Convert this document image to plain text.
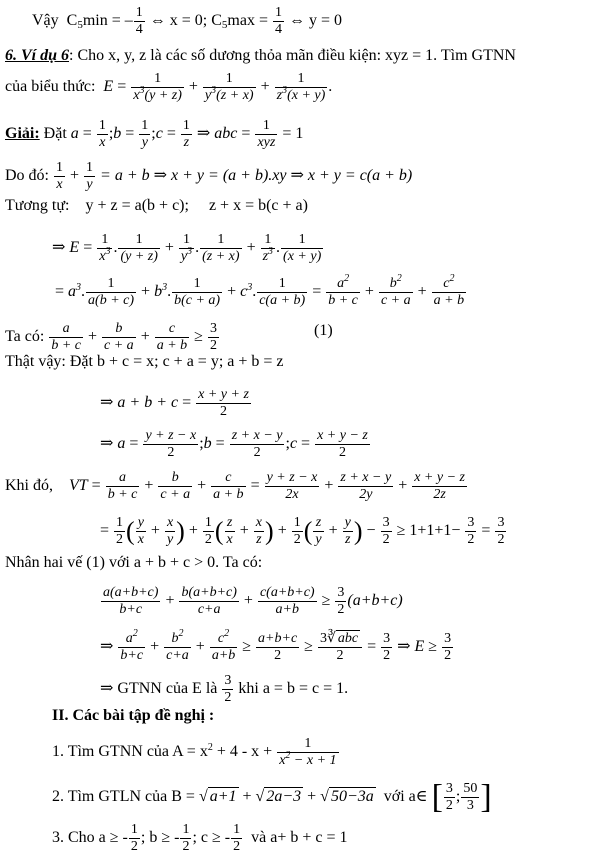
Vậy $C_5\min$ = – $\frac{1}{4}$ ⇔ x = 0; $C_5\max = \frac{1}{4}$ ⇔ y = 0
6. Ví dụ 6: Cho x, y, z là các số dương thỏa mãn điều kiện: xyz = 1. Tìm GTNN
của biểu thức:  $E = \frac{1}{x^3(y + z)} + \frac{1}{y^3(z + x)} + \frac{1}{z^3(x + y)}$ .
Giải: Đặt $a = \frac{1}{x}$ ;b = $\frac{1}{y}$ ;c = $\frac{1}{z}$ ⇒ abc = $\frac{1}{\text{xyz}} = 1$
Do đó: $\frac{1}{x} + \frac{1}{y} = a + b$ ⇒ x + y = (a + b).xy ⇒ x + y = c(a + b)
Tương tự: y + z = a(b + c); z + x = b(c + a)
⇒ $E = \frac{1}{x^3}$ . $\frac{1}{(y + z)} + \frac{1}{y^3}$ . $\frac{1}{(z + x)} + \frac{1}{z^3}$ . $\frac{1}{(x + y)}$
= $a^3$. $\frac{1}{a(b + c)} + b^3$. $\frac{1}{b(c + a)} + c^3$. $\frac{1}{c(a + b)} = \frac{a^2}{b + c} + \frac{b^2}{c + a} + \frac{c^2}{a + b}$
Ta có: $\frac{a}{b + c} + \frac{b}{c + a} + \frac{c}{a + b} \ge \frac{3}{2}$	(1)
Thật vậy: Đặt b + c = x; c + a = y; a + b = z
⇒ $a + b + c = \frac{x + y + z}{2}$
⇒ $a = \frac{y + z - x}{2}$ ;b = $\frac{z + x - y}{2}$ ;c = $\frac{x + y - z}{2}$
Khi đó, VT = $\frac{a}{b + c} + \frac{b}{c + a} + \frac{c}{a + b} = \frac{y + z - x}{2x} + \frac{z + x - y}{2y} + \frac{x + y - z}{2z}$
= $\frac{1}{2}$ ( $\frac{y}{x} + \frac{x}{y}$ ) + $\frac{1}{2}$ ( $\frac{z}{x} + \frac{x}{z}$ ) + $\frac{1}{2}$ ( $\frac{z}{y} + \frac{y}{z}$ ) − $\frac{3}{2} \ge 1+1+1- \frac{3}{2} = \frac{3}{2}$
Nhân hai vế (1) với a + b + c > 0. Ta có:
$\frac{a(a+b+c)}{b+c} + \frac{b(a+b+c)}{c+a} + \frac{c(a+b+c)}{a+b} \ge \frac{3}{2} (a+b+c)$
⇒ $\frac{a^2}{b+c} + \frac{b^2}{c+a} + \frac{c^2}{a+b} \ge \frac{a+b+c}{2} \ge \frac{\text{3∛ abc}}{2} = \frac{3}{2}$ ⇒ $E \ge \frac{3}{2}$
⇒ GTNN của E là $\frac{3}{2}$ khi a = b = c = 1.
II. Các bài tập đề nghị :
1. Tìm GTNN của $A = x^2 + 4 - x + \frac{1}{x^2 - x + 1}$
2. Tìm GTLN của B = √ a+1 + √ 2a−3 + √ 50−3a với a∈ [ $\frac{3}{2}$ ; $\frac{50}{3}$ ]
3. Cho a ≥ - $\frac{1}{2}$ ; b ≥ - $\frac{1}{2}$ ; c ≥ - $\frac{1}{2}$ và a+ b + c = 1
